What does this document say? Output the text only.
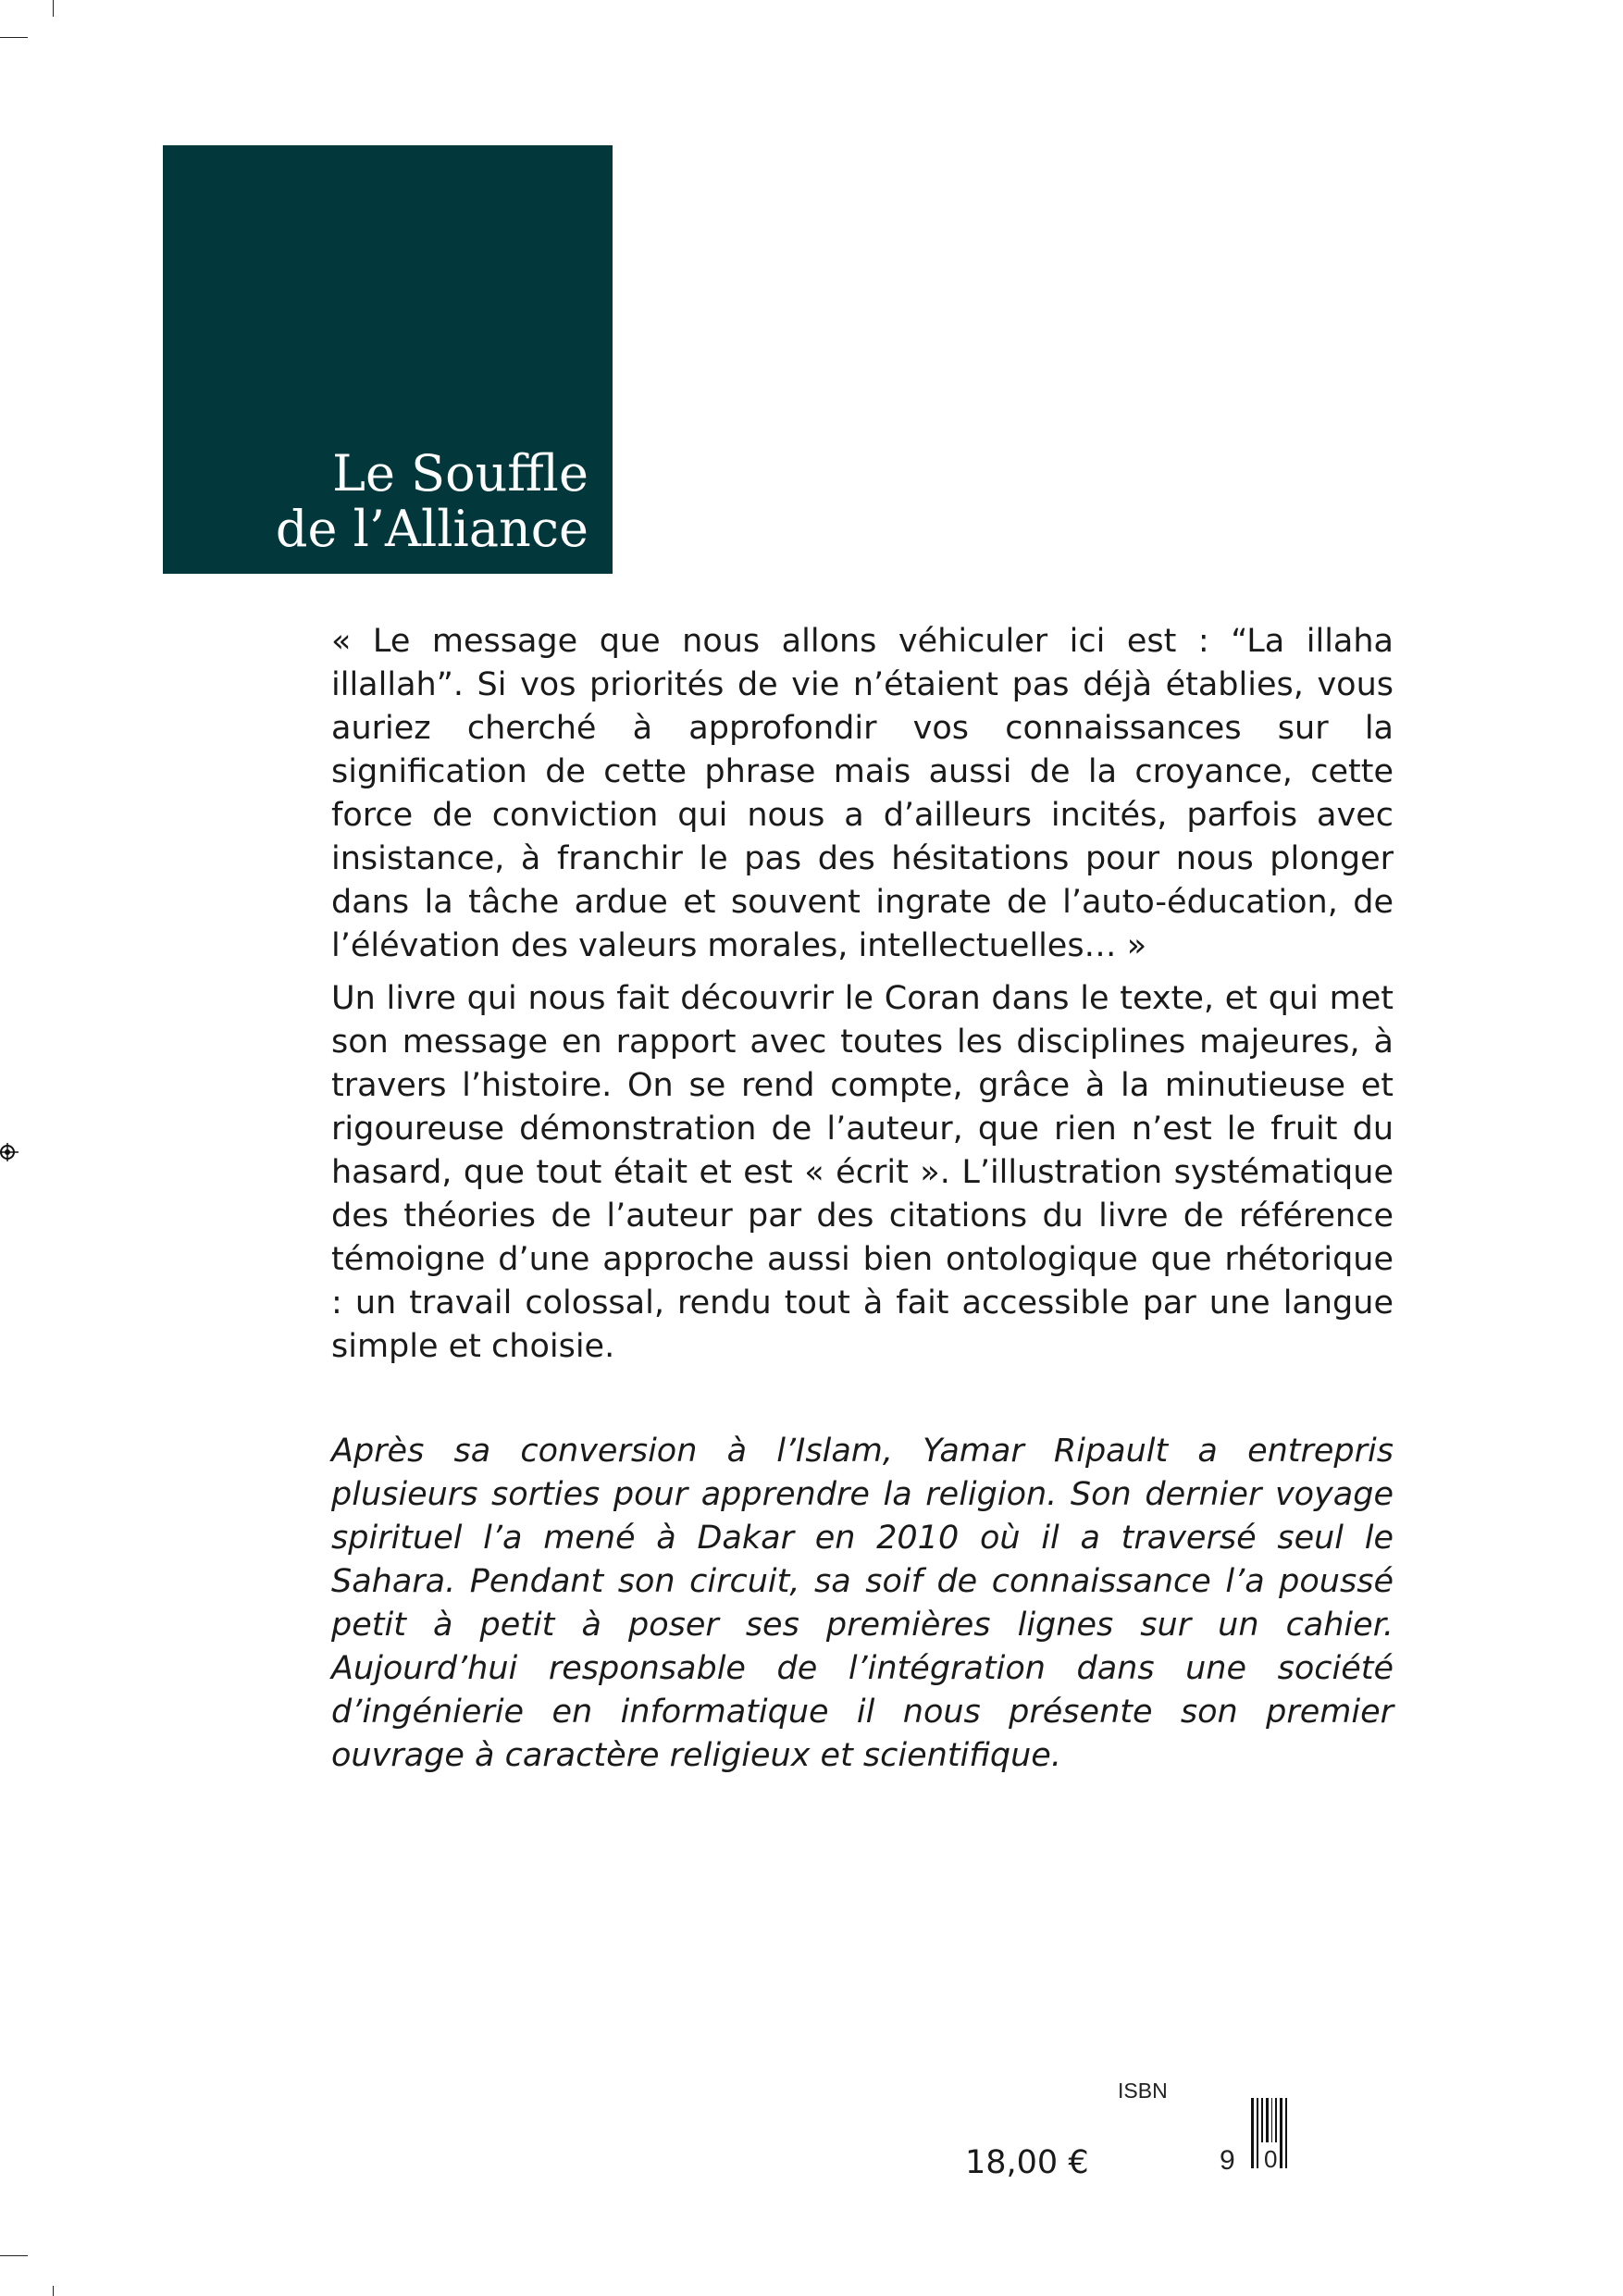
Le Souffle
de l’Alliance

« Le message que nous allons véhiculer ici est : “La illaha illallah”. Si vos priorités de vie n’étaient pas déjà établies, vous auriez cherché à approfondir vos connaissances sur la signification de cette phrase mais aussi de la croyance, cette force de conviction qui nous a d’ailleurs incités, parfois avec insistance, à franchir le pas des hésitations pour nous plonger dans la tâche ardue et souvent ingrate de l’auto-éducation, de l’élévation des valeurs morales, intellectuelles… »

Un livre qui nous fait découvrir le Coran dans le texte, et qui met son message en rapport avec toutes les disciplines majeures, à travers l’histoire. On se rend compte, grâce à la minutieuse et rigoureuse démonstration de l’auteur, que rien n’est le fruit du hasard, que tout était et est « écrit ». L’illustration systématique des théories de l’auteur par des citations du livre de référence témoigne d’une approche aussi bien ontologique que rhétorique : un travail colossal, rendu tout à fait accessible par une langue simple et choisie.

Après sa conversion à l’Islam, Yamar Ripault a entrepris plusieurs sorties pour apprendre la religion. Son dernier voyage spirituel l’a mené à Dakar en 2010 où il a traversé seul le Sahara. Pendant son circuit, sa soif de connaissance l’a poussé petit à petit à poser ses premières lignes sur un cahier. Aujourd’hui responsable de l’intégration dans une société d’ingénierie en informatique il nous présente son premier ouvrage à caractère religieux et scientifique.

ISBN
18,00 €	9 0
